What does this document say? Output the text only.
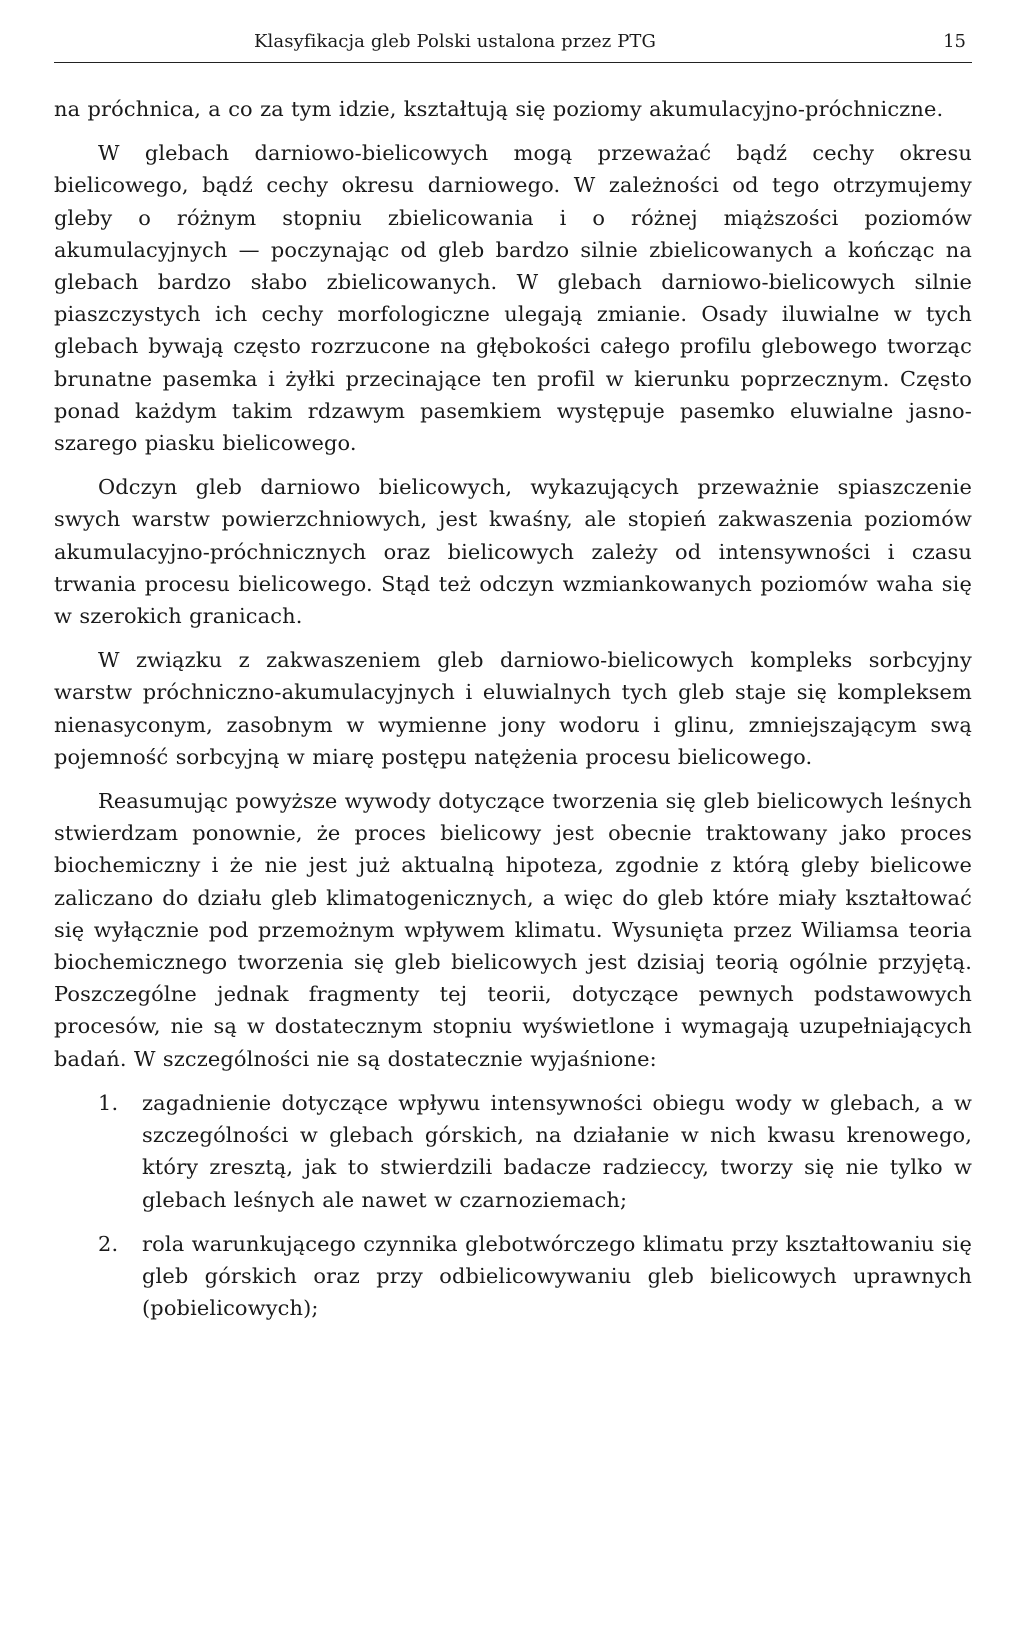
Klasyfikacja gleb Polski ustalona przez PTG	15

na próchnica, a co za tym idzie, kształtują się poziomy akumulacyjno-próchniczne.

W glebach darniowo-bielicowych mogą przeważać bądź cechy okresu bielicowego, bądź cechy okresu darniowego. W zależności od tego otrzymujemy gleby o różnym stopniu zbielicowania i o różnej miąższości poziomów akumulacyjnych — poczynając od gleb bardzo silnie zbielicowanych a kończąc na glebach bardzo słabo zbielicowanych. W glebach darniowo-bielicowych silnie piaszczystych ich cechy morfologiczne ulegają zmianie. Osady iluwialne w tych glebach bywają często rozrzucone na głębokości całego profilu glebowego tworząc brunatne pasemka i żyłki przecinające ten profil w kierunku poprzecznym. Często ponad każdym takim rdzawym pasemkiem występuje pasemko eluwialne jasno-szarego piasku bielicowego.

Odczyn gleb darniowo bielicowych, wykazujących przeważnie spiaszczenie swych warstw powierzchniowych, jest kwaśny, ale stopień zakwaszenia poziomów akumulacyjno-próchnicznych oraz bielicowych zależy od intensywności i czasu trwania procesu bielicowego. Stąd też odczyn wzmiankowanych poziomów waha się w szerokich granicach.

W związku z zakwaszeniem gleb darniowo-bielicowych kompleks sorbcyjny warstw próchniczno-akumulacyjnych i eluwialnych tych gleb staje się kompleksem nienasyconym, zasobnym w wymienne jony wodoru i glinu, zmniejszającym swą pojemność sorbcyjną w miarę postępu natężenia procesu bielicowego.

Reasumując powyższe wywody dotyczące tworzenia się gleb bielicowych leśnych stwierdzam ponownie, że proces bielicowy jest obecnie traktowany jako proces biochemiczny i że nie jest już aktualną hipoteza, zgodnie z którą gleby bielicowe zaliczano do działu gleb klimatogenicznych, a więc do gleb które miały kształtować się wyłącznie pod przemożnym wpływem klimatu. Wysunięta przez Wiliamsa teoria biochemicznego tworzenia się gleb bielicowych jest dzisiaj teorią ogólnie przyjętą. Poszczególne jednak fragmenty tej teorii, dotyczące pewnych podstawowych procesów, nie są w dostatecznym stopniu wyświetlone i wymagają uzupełniających badań. W szczególności nie są dostatecznie wyjaśnione:

1.	zagadnienie dotyczące wpływu intensywności obiegu wody w glebach, a w szczególności w glebach górskich, na działanie w nich kwasu krenowego, który zresztą, jak to stwierdzili badacze radzieccy, tworzy się nie tylko w glebach leśnych ale nawet w czarnoziemach;
2.	rola warunkującego czynnika glebotwórczego klimatu przy kształtowaniu się gleb górskich oraz przy odbielicowywaniu gleb bielicowych uprawnych (pobielicowych);
